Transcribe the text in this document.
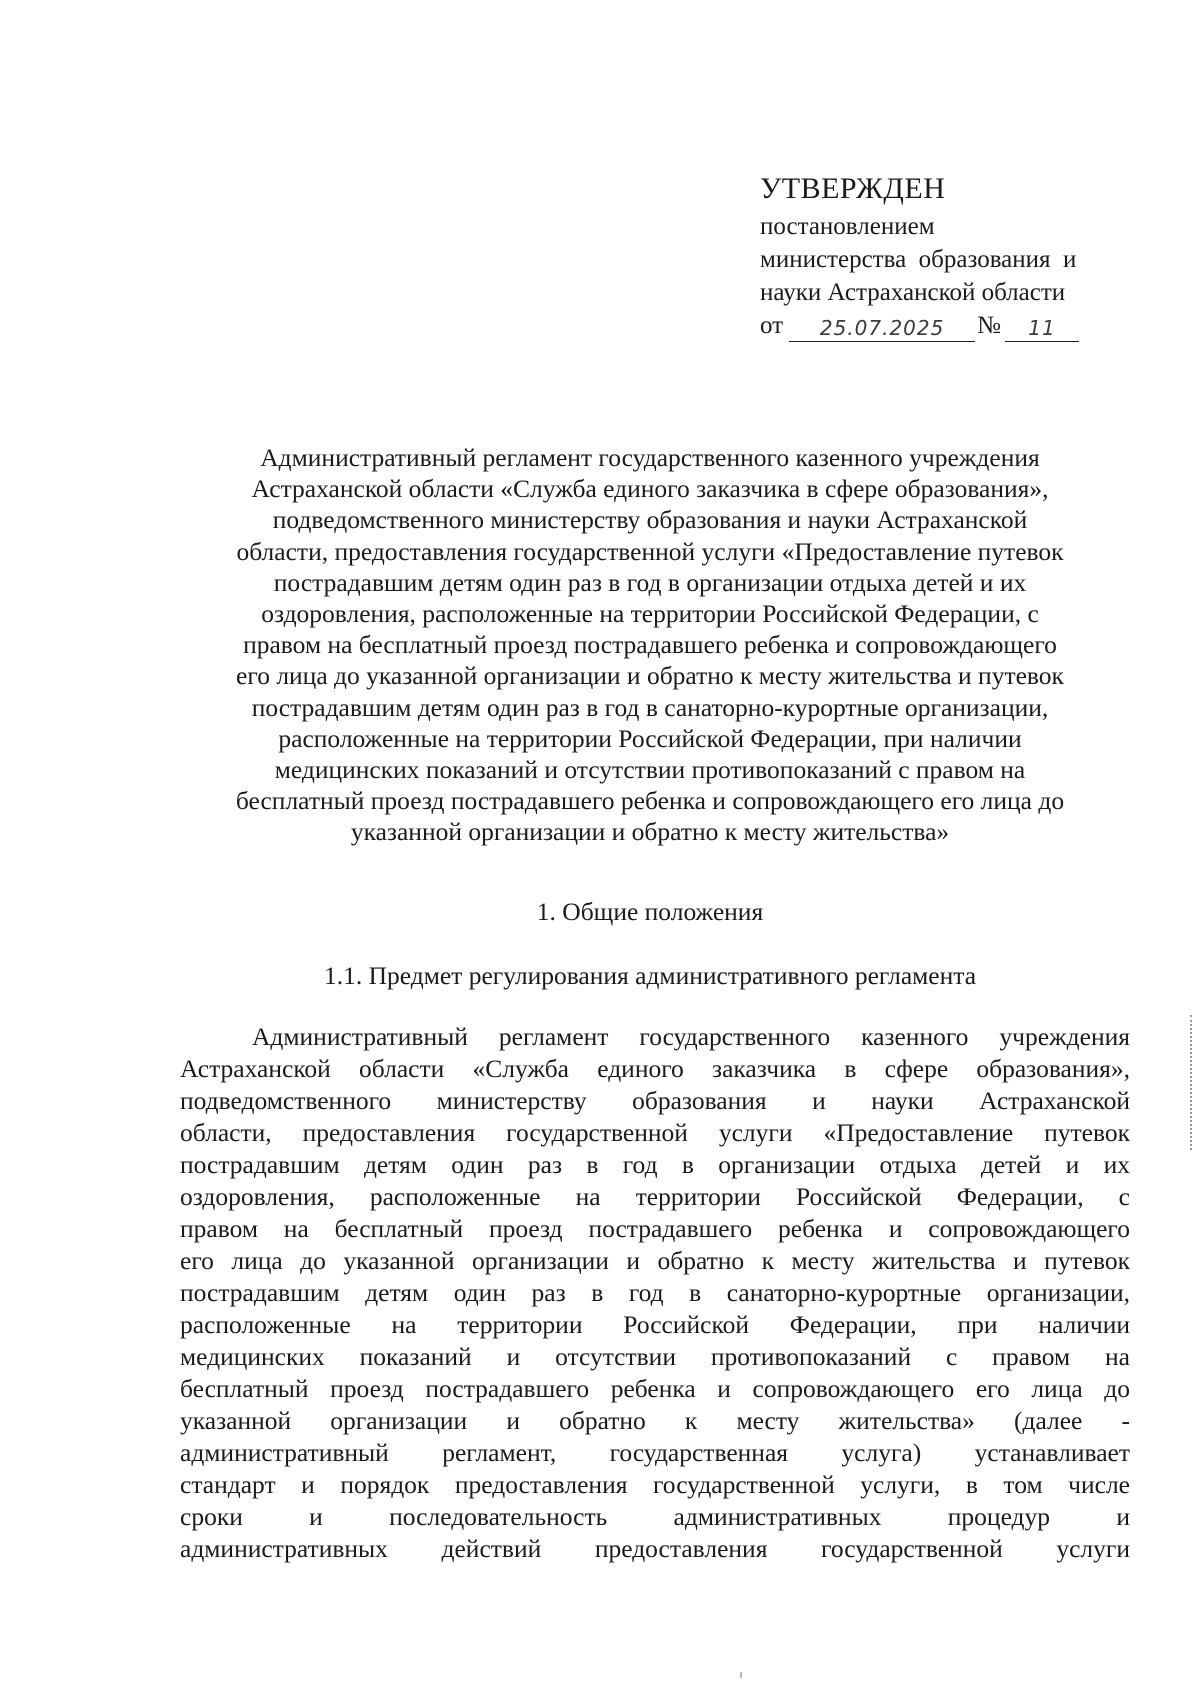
УТВЕРЖДЕН
постановлением
министерства  образования  и
науки Астраханской области
от	25.07.2025	№	11
Административный регламент государственного казенного учреждения
Астраханской области «Служба единого заказчика в сфере образования»,
подведомственного министерству образования и науки Астраханской
области, предоставления государственной услуги «Предоставление путевок
пострадавшим детям один раз в год в организации отдыха детей и их
оздоровления, расположенные на территории Российской Федерации, с
правом на бесплатный проезд пострадавшего ребенка и сопровождающего
его лица до указанной организации и обратно к месту жительства и путевок
пострадавшим детям один раз в год в санаторно-курортные организации,
расположенные на территории Российской Федерации, при наличии
медицинских показаний и отсутствии противопоказаний с правом на
бесплатный проезд пострадавшего ребенка и сопровождающего его лица до
указанной организации и обратно к месту жительства»
1. Общие положения
1.1. Предмет регулирования административного регламента
Административный регламент государственного казенного учреждения
Астраханской области «Служба единого заказчика в сфере образования»,
подведомственного министерству образования и науки Астраханской
области, предоставления государственной услуги «Предоставление путевок
пострадавшим детям один раз в год в организации отдыха детей и их
оздоровления, расположенные на территории Российской Федерации, с
правом на бесплатный проезд пострадавшего ребенка и сопровождающего
его лица до указанной организации и обратно к месту жительства и путевок
пострадавшим детям один раз в год в санаторно-курортные организации,
расположенные на территории Российской Федерации, при наличии
медицинских показаний и отсутствии противопоказаний с правом на
бесплатный проезд пострадавшего ребенка и сопровождающего его лица до
указанной организации и обратно к месту жительства» (далее -
административный регламент, государственная услуга) устанавливает
стандарт и порядок предоставления государственной услуги, в том числе
сроки и последовательность административных процедур и
административных действий предоставления государственной услуги
